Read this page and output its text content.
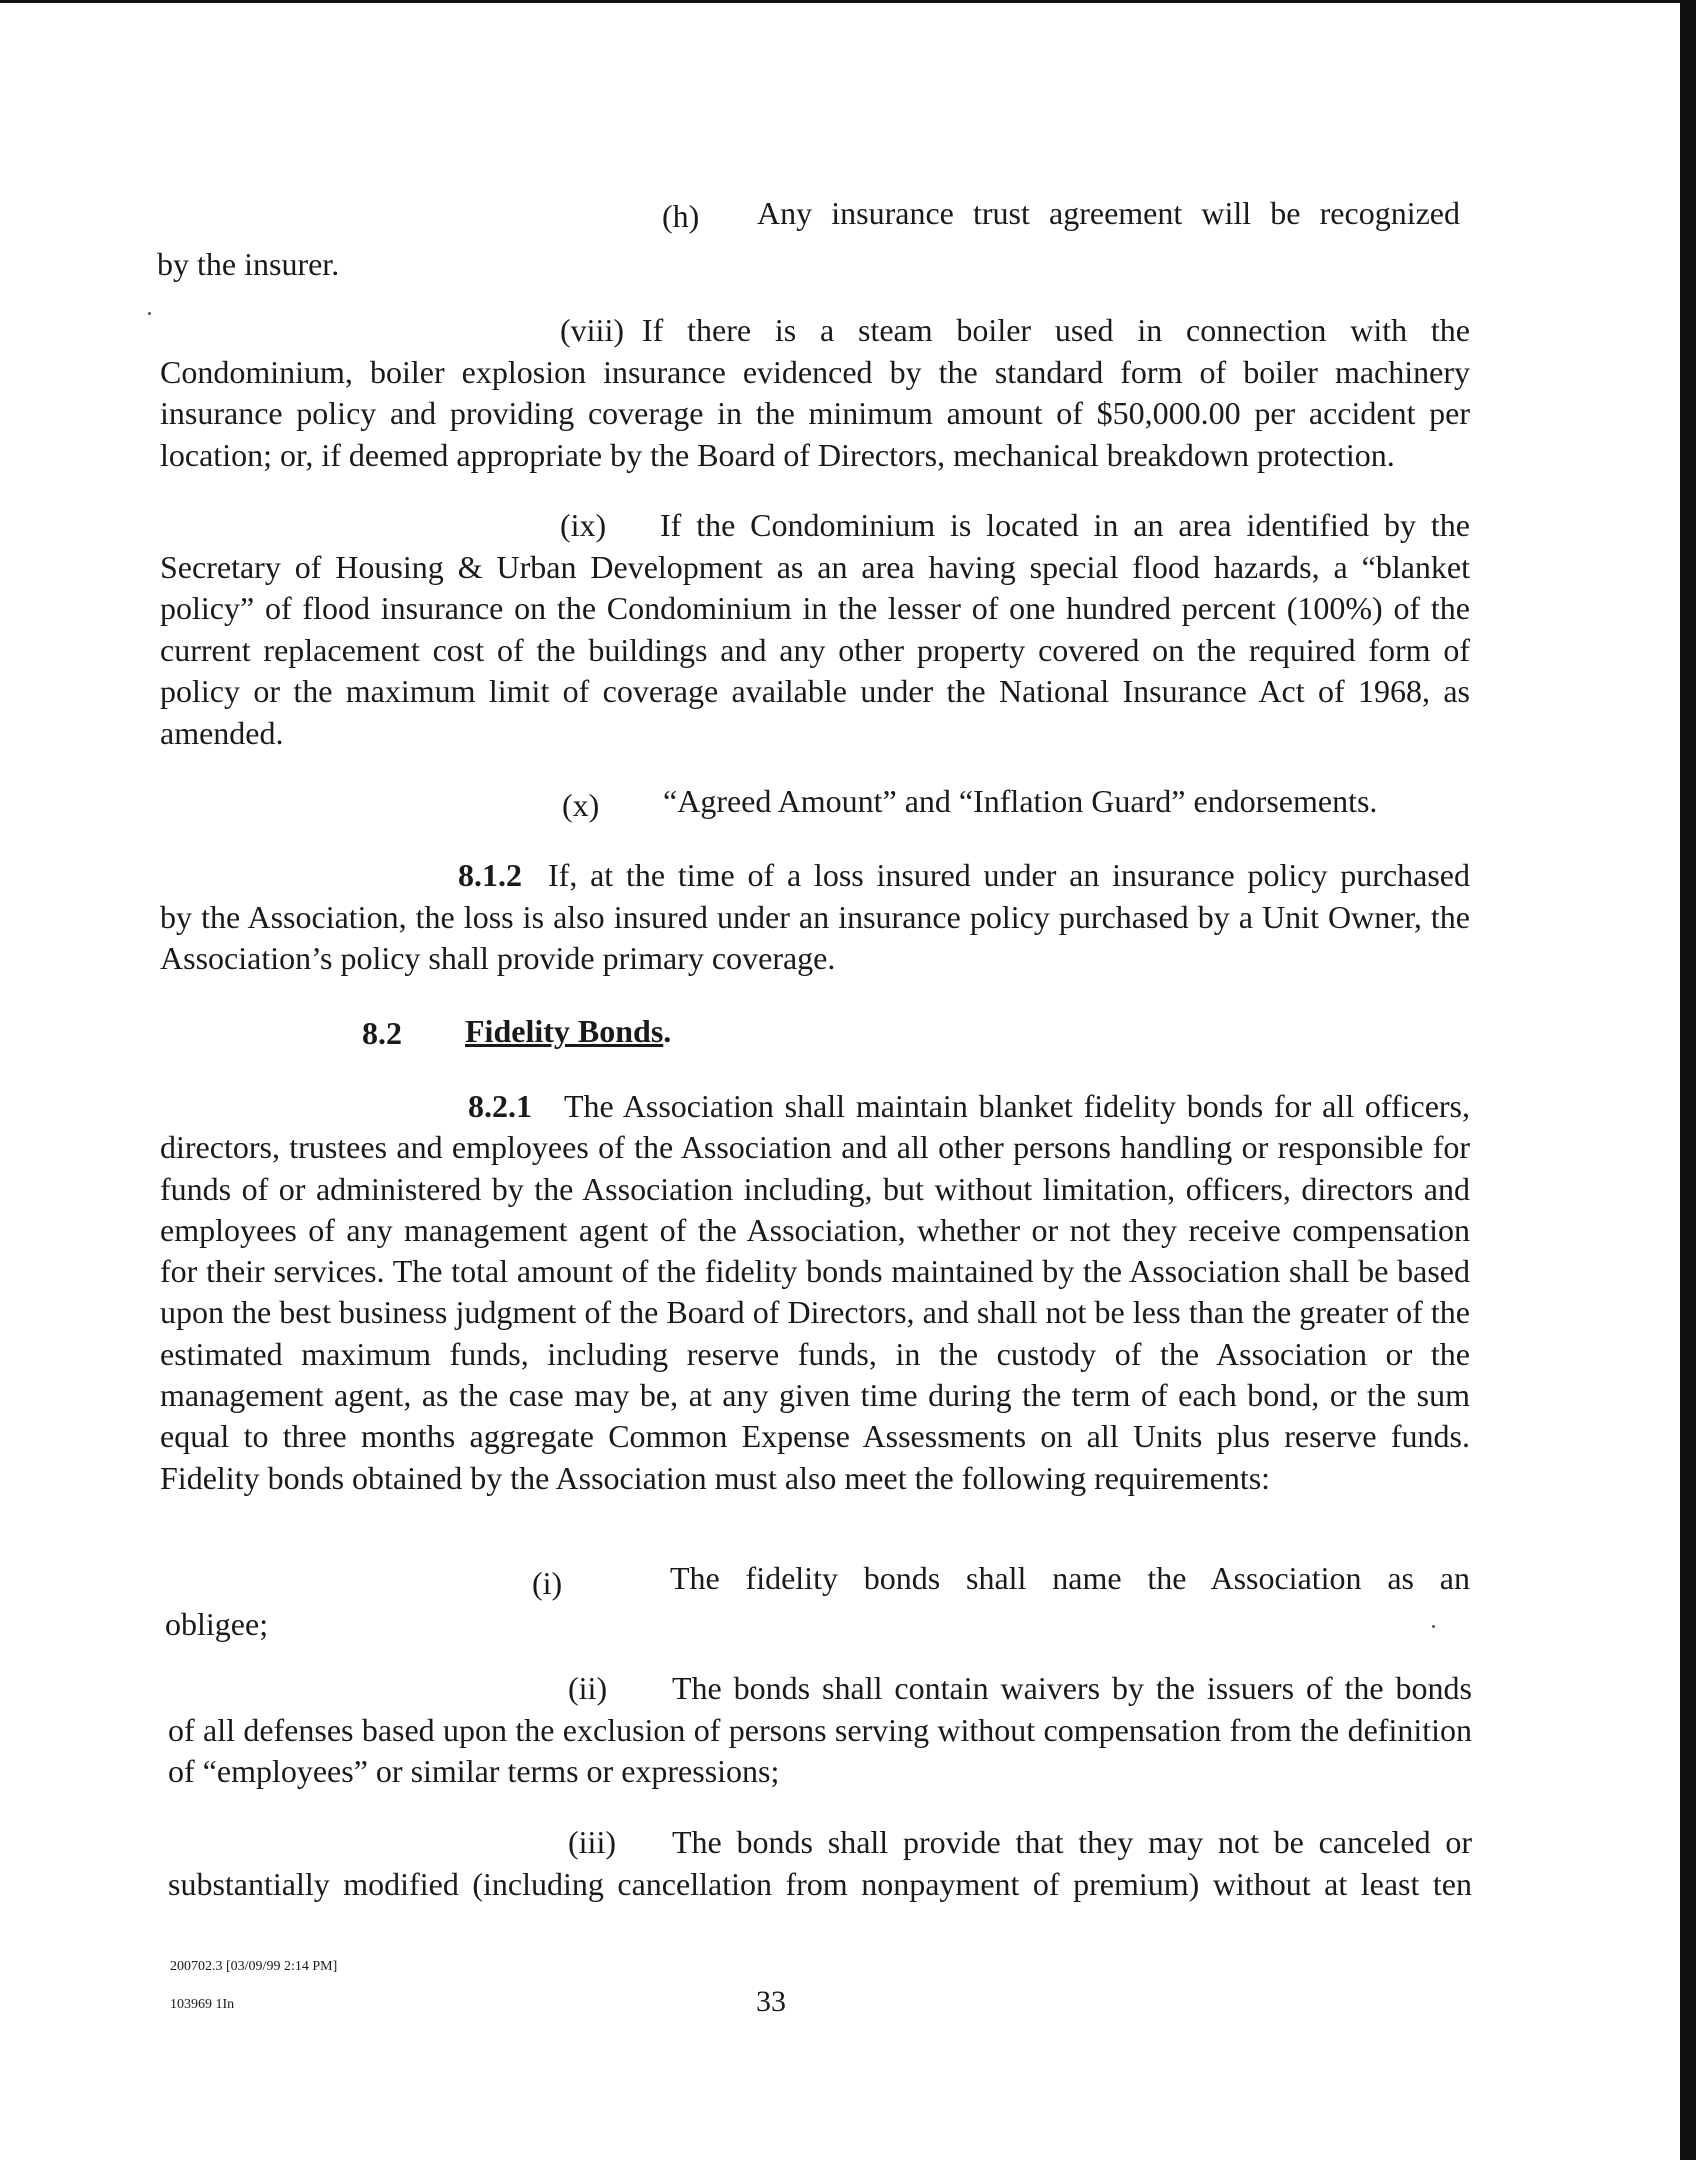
(h) Any insurance trust agreement will be recognized
by the insurer.
(viii) If there is a steam boiler used in connection with the
Condominium, boiler explosion insurance evidenced by the standard form of boiler machinery insurance policy and providing coverage in the minimum amount of $50,000.00 per accident per location; or, if deemed appropriate by the Board of Directors, mechanical breakdown protection.
(ix)	If the Condominium is located in an area identified by the
Secretary of Housing & Urban Development as an area having special flood hazards, a “blanket policy” of flood insurance on the Condominium in the lesser of one hundred percent (100%) of the current replacement cost of the buildings and any other property covered on the required form of policy or the maximum limit of coverage available under the National Insurance Act of 1968, as amended.
(x) “Agreed Amount” and “Inflation Guard” endorsements.
8.1.2 If, at the time of a loss insured under an insurance policy purchased
by the Association, the loss is also insured under an insurance policy purchased by a Unit Owner, the Association’s policy shall provide primary coverage.
8.2 Fidelity Bonds.
8.2.1	The Association shall maintain blanket fidelity bonds for all officers,
directors, trustees and employees of the Association and all other persons handling or responsible for funds of or administered by the Association including, but without limitation, officers, directors and employees of any management agent of the Association, whether or not they receive compensation for their services. The total amount of the fidelity bonds maintained by the Association shall be based upon the best business judgment of the Board of Directors, and shall not be less than the greater of the estimated maximum funds, including reserve funds, in the custody of the Association or the management agent, as the case may be, at any given time during the term of each bond, or the sum equal to three months aggregate Common Expense Assessments on all Units plus reserve funds. Fidelity bonds obtained by the Association must also meet the following requirements:
(i)	The fidelity bonds shall name the Association as an
obligee;
(ii)	The bonds shall contain waivers by the issuers of the bonds
of all defenses based upon the exclusion of persons serving without compensation from the definition of “employees” or similar terms or expressions;
(iii)	The bonds shall provide that they may not be canceled or
substantially modified (including cancellation from nonpayment of premium) without at least ten
200702.3 [03/09/99 2:14 PM]
103969 1In	33
